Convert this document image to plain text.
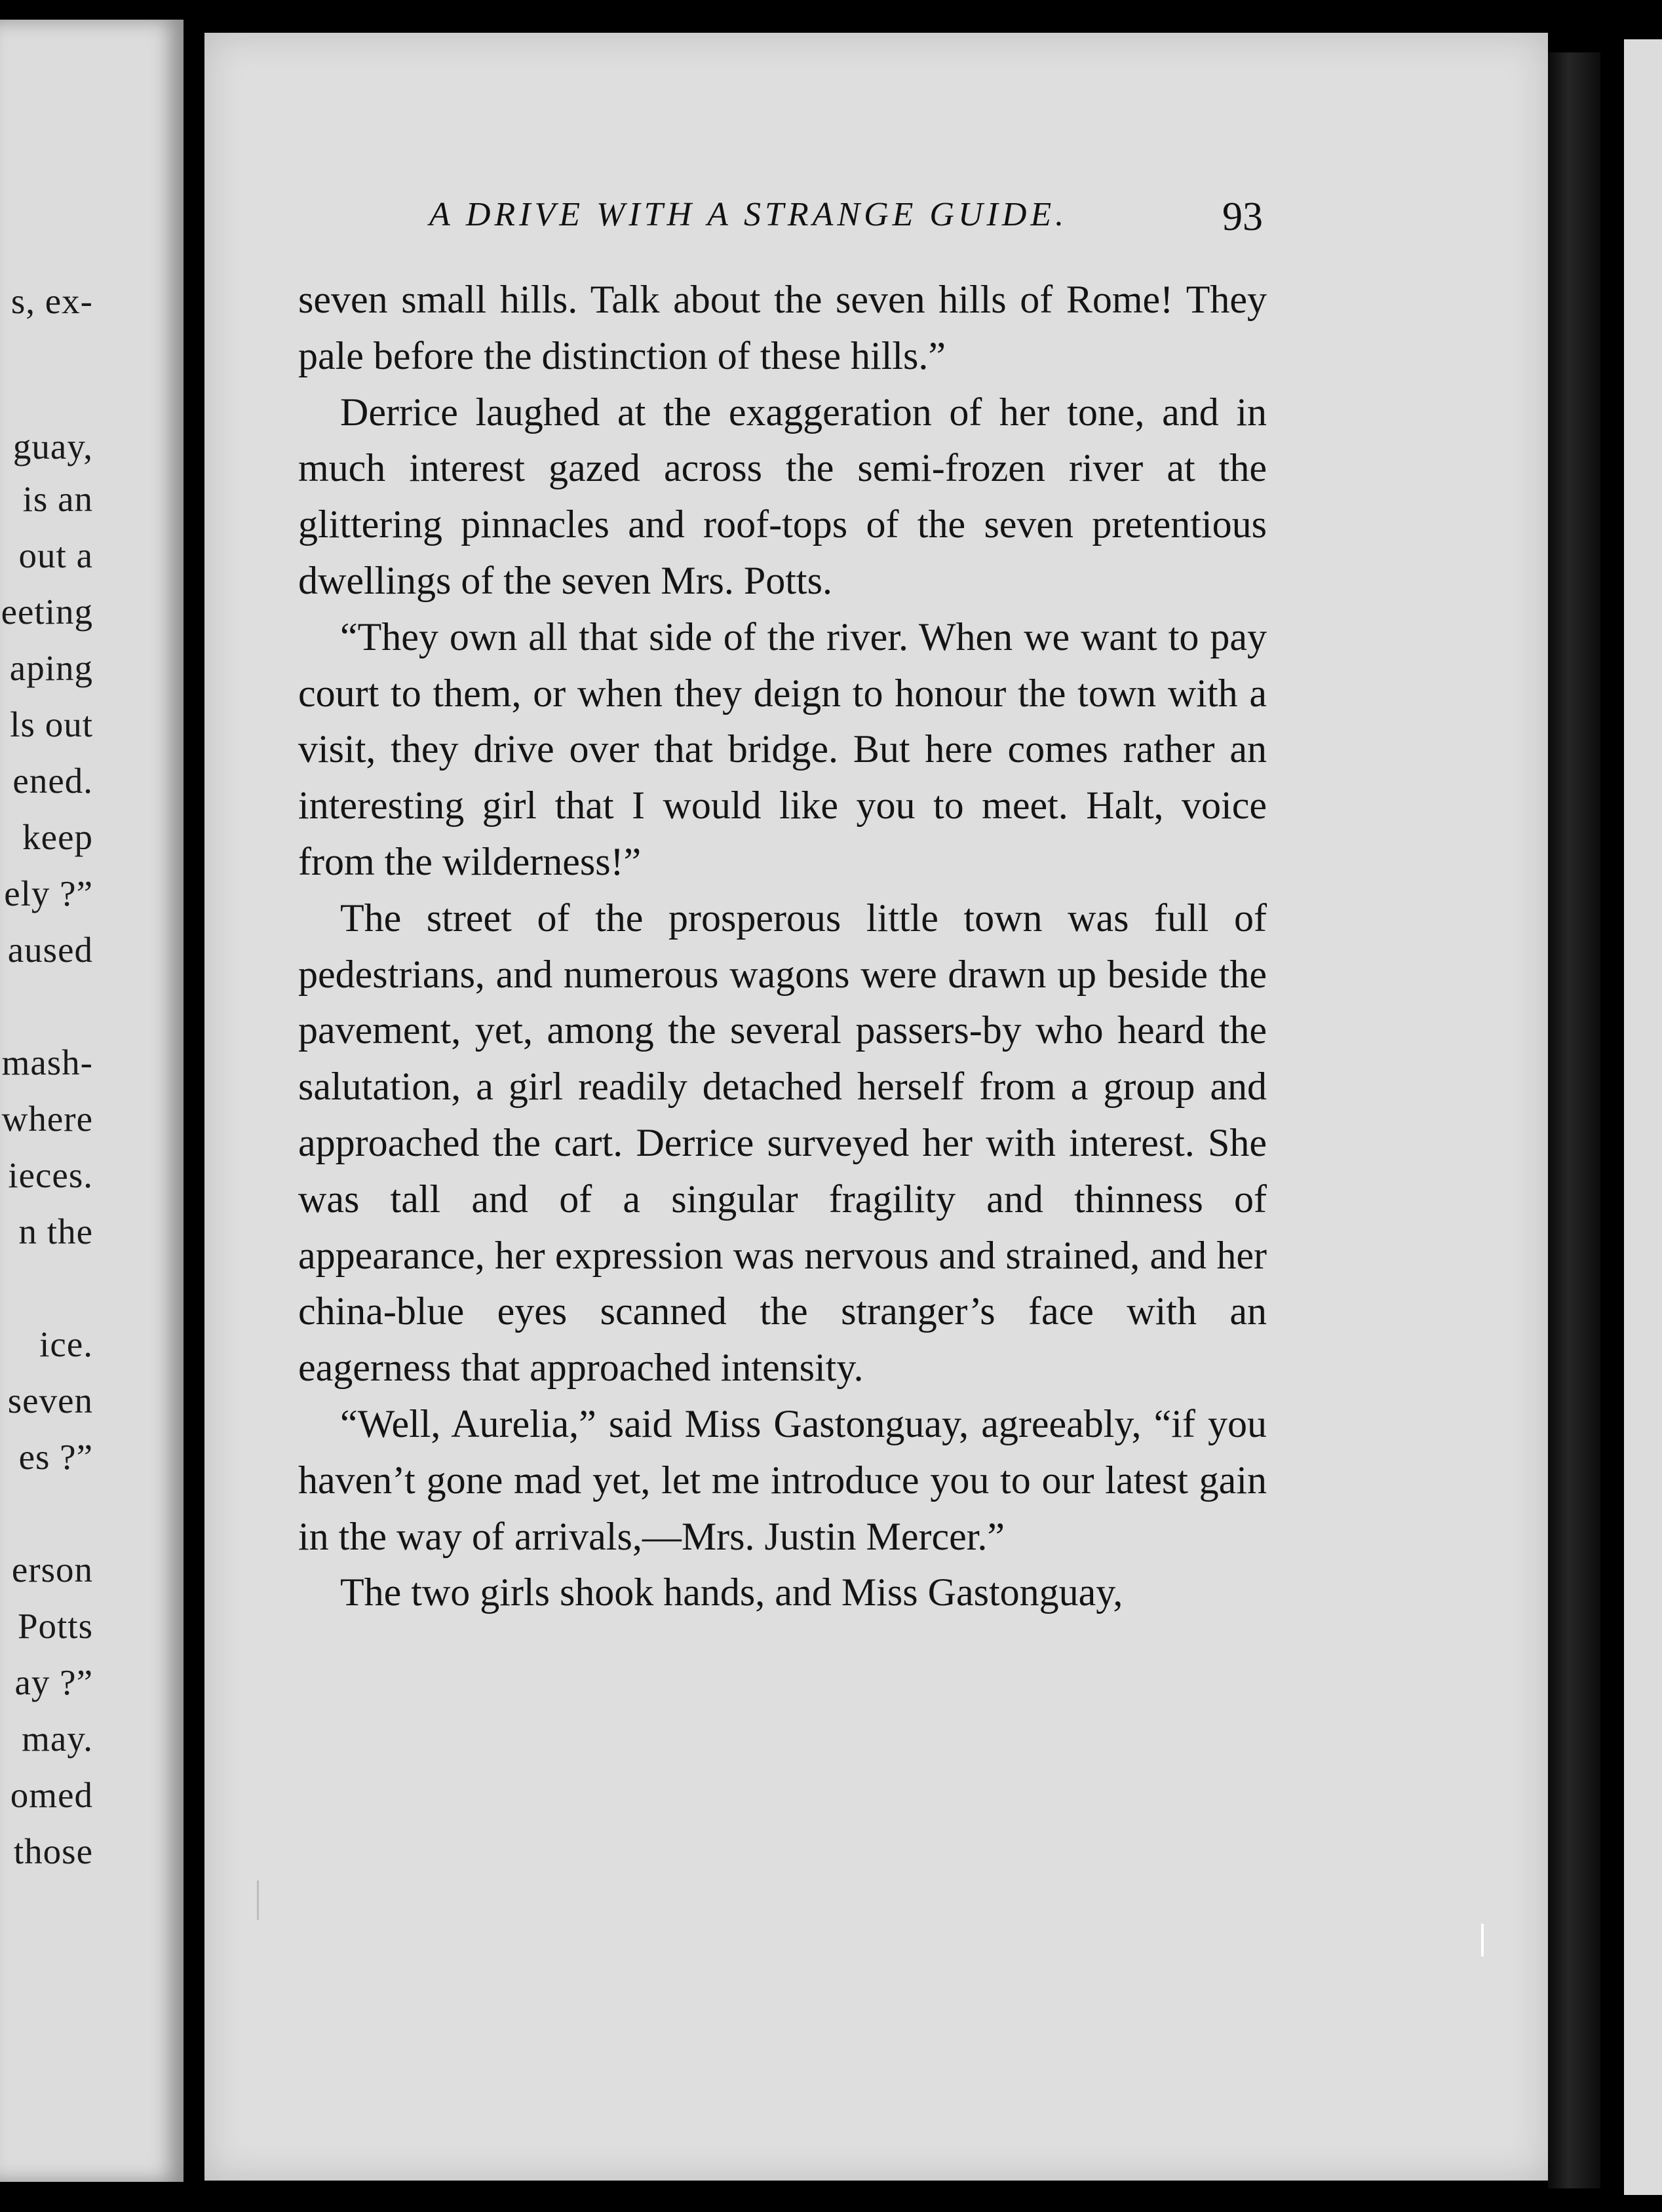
s, ex-
guay,
is an
out a
eeting
aping
ls out
ened.
keep
ely ?”
aused
mash-
where
ieces.
n the
ice.
seven
es ?”
erson
Potts
ay ?”
may.
omed
those
A DRIVE WITH A STRANGE GUIDE.	93

seven small hills. Talk about the seven hills of Rome! They pale before the distinction of these hills.”

Derrice laughed at the exaggeration of her tone, and in much interest gazed across the semi-frozen river at the glittering pinnacles and roof-tops of the seven pretentious dwellings of the seven Mrs. Potts.

“They own all that side of the river. When we want to pay court to them, or when they deign to honour the town with a visit, they drive over that bridge. But here comes rather an interesting girl that I would like you to meet. Halt, voice from the wilderness!”

The street of the prosperous little town was full of pedestrians, and numerous wagons were drawn up beside the pavement, yet, among the several passers-by who heard the salutation, a girl readily detached herself from a group and approached the cart. Derrice surveyed her with interest. She was tall and of a singular fragility and thinness of appearance, her expression was nervous and strained, and her china-blue eyes scanned the stranger’s face with an eagerness that approached intensity.

“Well, Aurelia,” said Miss Gastonguay, agreeably, “if you haven’t gone mad yet, let me introduce you to our latest gain in the way of arrivals,—Mrs. Justin Mercer.”

The two girls shook hands, and Miss Gastonguay,
